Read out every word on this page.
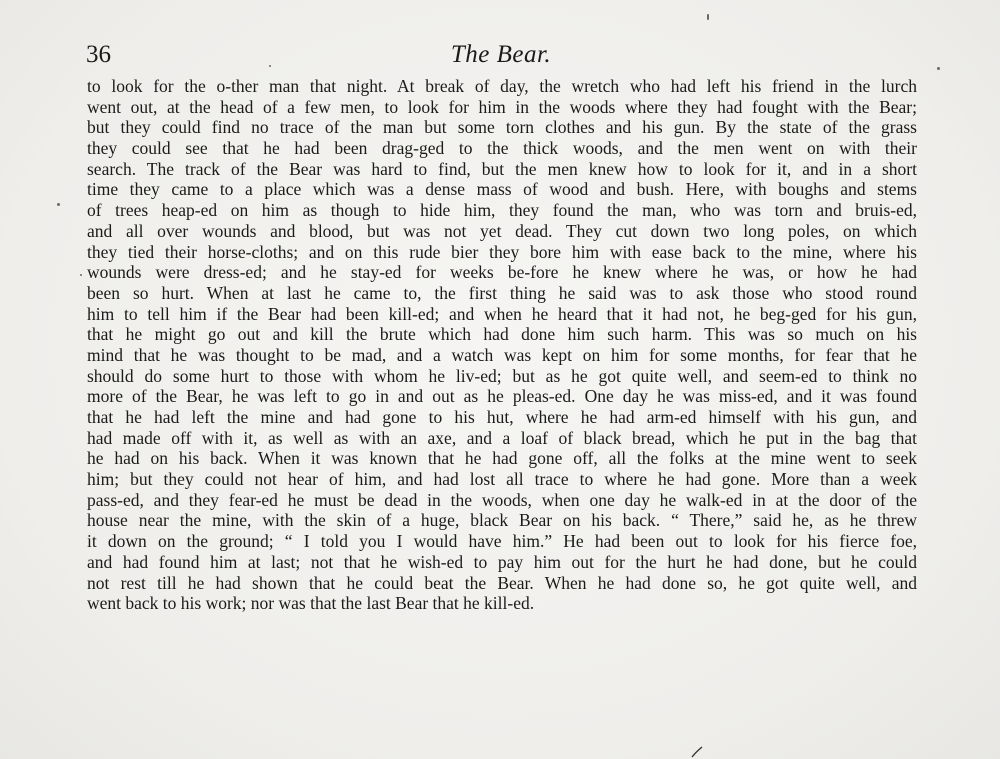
36	The Bear.
to look for the o-ther man that night. At break of day, the wretch who had left his friend in the lurch
went out, at the head of a few men, to look for him in the woods where they had fought with the Bear;
but they could find no trace of the man but some torn clothes and his gun. By the state of the grass
they could see that he had been drag-ged to the thick woods, and the men went on with their
search. The track of the Bear was hard to find, but the men knew how to look for it, and in a short
time they came to a place which was a dense mass of wood and bush. Here, with boughs and stems
of trees heap-ed on him as though to hide him, they found the man, who was torn and bruis-ed,
and all over wounds and blood, but was not yet dead. They cut down two long poles, on which
they tied their horse-cloths; and on this rude bier they bore him with ease back to the mine, where his
wounds were dress-ed; and he stay-ed for weeks be-fore he knew where he was, or how he had
been so hurt. When at last he came to, the first thing he said was to ask those who stood round
him to tell him if the Bear had been kill-ed; and when he heard that it had not, he beg-ged for his gun,
that he might go out and kill the brute which had done him such harm. This was so much on his
mind that he was thought to be mad, and a watch was kept on him for some months, for fear that he
should do some hurt to those with whom he liv-ed; but as he got quite well, and seem-ed to think no
more of the Bear, he was left to go in and out as he pleas-ed. One day he was miss-ed, and it was found
that he had left the mine and had gone to his hut, where he had arm-ed himself with his gun, and
had made off with it, as well as with an axe, and a loaf of black bread, which he put in the bag that
he had on his back. When it was known that he had gone off, all the folks at the mine went to seek
him; but they could not hear of him, and had lost all trace to where he had gone. More than a week
pass-ed, and they fear-ed he must be dead in the woods, when one day he walk-ed in at the door of the
house near the mine, with the skin of a huge, black Bear on his back. “ There,” said he, as he threw
it down on the ground; “ I told you I would have him.” He had been out to look for his fierce foe,
and had found him at last; not that he wish-ed to pay him out for the hurt he had done, but he could
not rest till he had shown that he could beat the Bear. When he had done so, he got quite well, and
went back to his work; nor was that the last Bear that he kill-ed.
